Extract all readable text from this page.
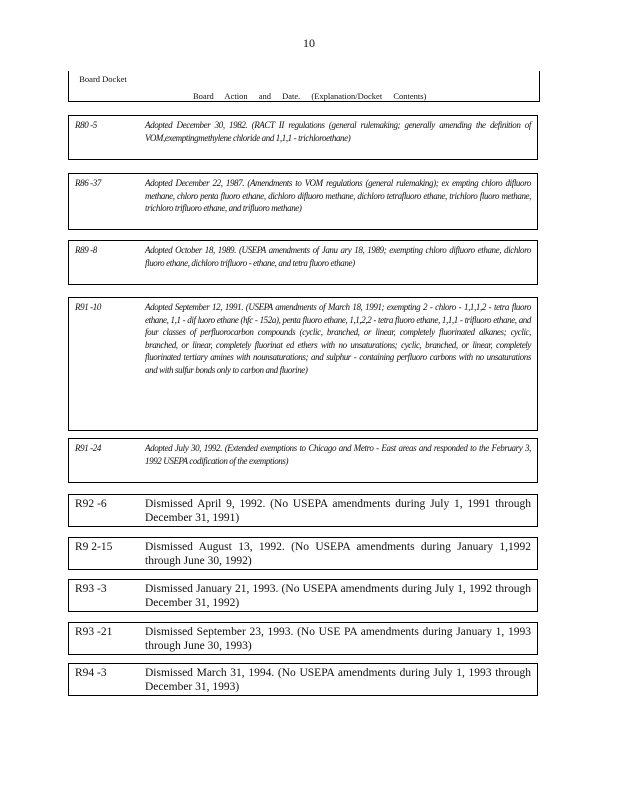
10
Board Docket
Board Action and Date. (Explanation/Docket Contents)
R80 -5	Adopted December 30, 1982. (RACT II regulations (general rulemaking; generally amending the definition of VOM,exemptingmethylene chloride and 1,1,1 - trichloroethane)
R86 -37	Adopted December 22, 1987. (Amendments to VOM regulations (general rulemaking); ex empting chloro difluoro methane, chloro penta fluoro ethane, dichloro difluoro methane, dichloro tetrafluoro ethane, trichloro fluoro methane, trichloro trifluoro ethane, and trifluoro methane)
R89 -8	Adopted October 18, 1989. (USEPA amendments of Janu ary 18, 1989; exempting chloro difluoro ethane, dichloro fluoro ethane, dichloro trifluoro - ethane, and tetra fluoro ethane)
R91 -10	Adopted September 12, 1991. (USEPA amendments of March 18, 1991; exempting 2 - chloro - 1,1,1,2 - tetra fluoro ethane, 1,1 - dif luoro ethane (hfc - 152a), penta fluoro ethane, 1,1,2,2 - tetra fluoro ethane, 1,1,1 - trifluoro ethane, and four classes of perfluorocarbon compounds (cyclic, branched, or linear, completely fluorinated alkanes; cyclic, branched, or linear, completely fluorinat ed ethers with no unsaturations; cyclic, branched, or linear, completely fluorinated tertiary amines with nounsaturations; and sulphur - containing perfluoro carbons with no unsaturations and with sulfur bonds only to carbon and fluorine)
R91 -24	Adopted July 30, 1992. (Extended exemptions to Chicago and Metro - East areas and responded to the February 3, 1992 USEPA codification of the exemptions)
R92 -6	Dismissed April 9, 1992. (No USEPA amendments during July 1, 1991 through December 31, 1991)
R9 2-15	Dismissed August 13, 1992. (No USEPA amendments during January 1,1992 through June 30, 1992)
R93 -3	Dismissed January 21, 1993. (No USEPA amendments during July 1, 1992 through December 31, 1992)
R93 -21	Dismissed September 23, 1993. (No USE PA amendments during January 1, 1993 through June 30, 1993)
R94 -3	Dismissed March 31, 1994. (No USEPA amendments during July 1, 1993 through December 31, 1993)
